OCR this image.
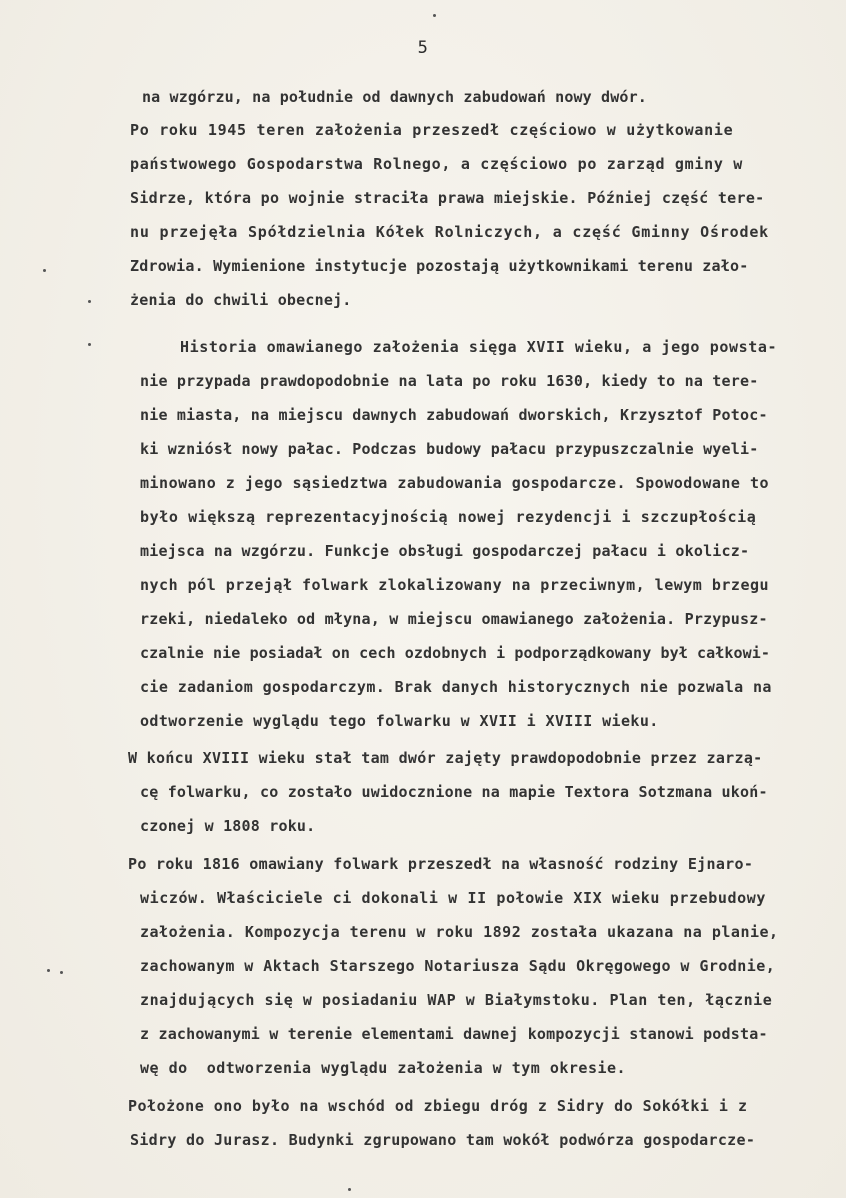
5
na wzgórzu, na południe od dawnych zabudowań nowy dwór.
Po roku 1945 teren założenia przeszedł częściowo w użytkowanie
państwowego Gospodarstwa Rolnego, a częściowo po zarząd gminy w
Sidrze, która po wojnie straciła prawa miejskie. Później część tere-
nu przejęła Spółdzielnia Kółek Rolniczych, a część Gminny Ośrodek
Zdrowia. Wymienione instytucje pozostają użytkownikami terenu zało-
żenia do chwili obecnej.
Historia omawianego założenia sięga XVII wieku, a jego powsta-
nie przypada prawdopodobnie na lata po roku 1630, kiedy to na tere-
nie miasta, na miejscu dawnych zabudowań dworskich, Krzysztof Potoc-
ki wzniósł nowy pałac. Podczas budowy pałacu przypuszczalnie wyeli-
minowano z jego sąsiedztwa zabudowania gospodarcze. Spowodowane to
było większą reprezentacyjnością nowej rezydencji i szczupłością
miejsca na wzgórzu. Funkcje obsługi gospodarczej pałacu i okolicz-
nych pól przejął folwark zlokalizowany na przeciwnym, lewym brzegu
rzeki, niedaleko od młyna, w miejscu omawianego założenia. Przypusz-
czalnie nie posiadał on cech ozdobnych i podporządkowany był całkowi-
cie zadaniom gospodarczym. Brak danych historycznych nie pozwala na
odtworzenie wyglądu tego folwarku w XVII i XVIII wieku.
W końcu XVIII wieku stał tam dwór zajęty prawdopodobnie przez zarzą-
cę folwarku, co zostało uwidocznione na mapie Textora Sotzmana ukoń-
czonej w 1808 roku.
Po roku 1816 omawiany folwark przeszedł na własność rodziny Ejnaro-
wiczów. Właściciele ci dokonali w II połowie XIX wieku przebudowy
założenia. Kompozycja terenu w roku 1892 została ukazana na planie,
zachowanym w Aktach Starszego Notariusza Sądu Okręgowego w Grodnie,
znajdujących się w posiadaniu WAP w Białymstoku. Plan ten, łącznie
z zachowanymi w terenie elementami dawnej kompozycji stanowi podsta-
wę do  odtworzenia wyglądu założenia w tym okresie.
Położone ono było na wschód od zbiegu dróg z Sidry do Sokółki i z
Sidry do Jurasz. Budynki zgrupowano tam wokół podwórza gospodarcze-
